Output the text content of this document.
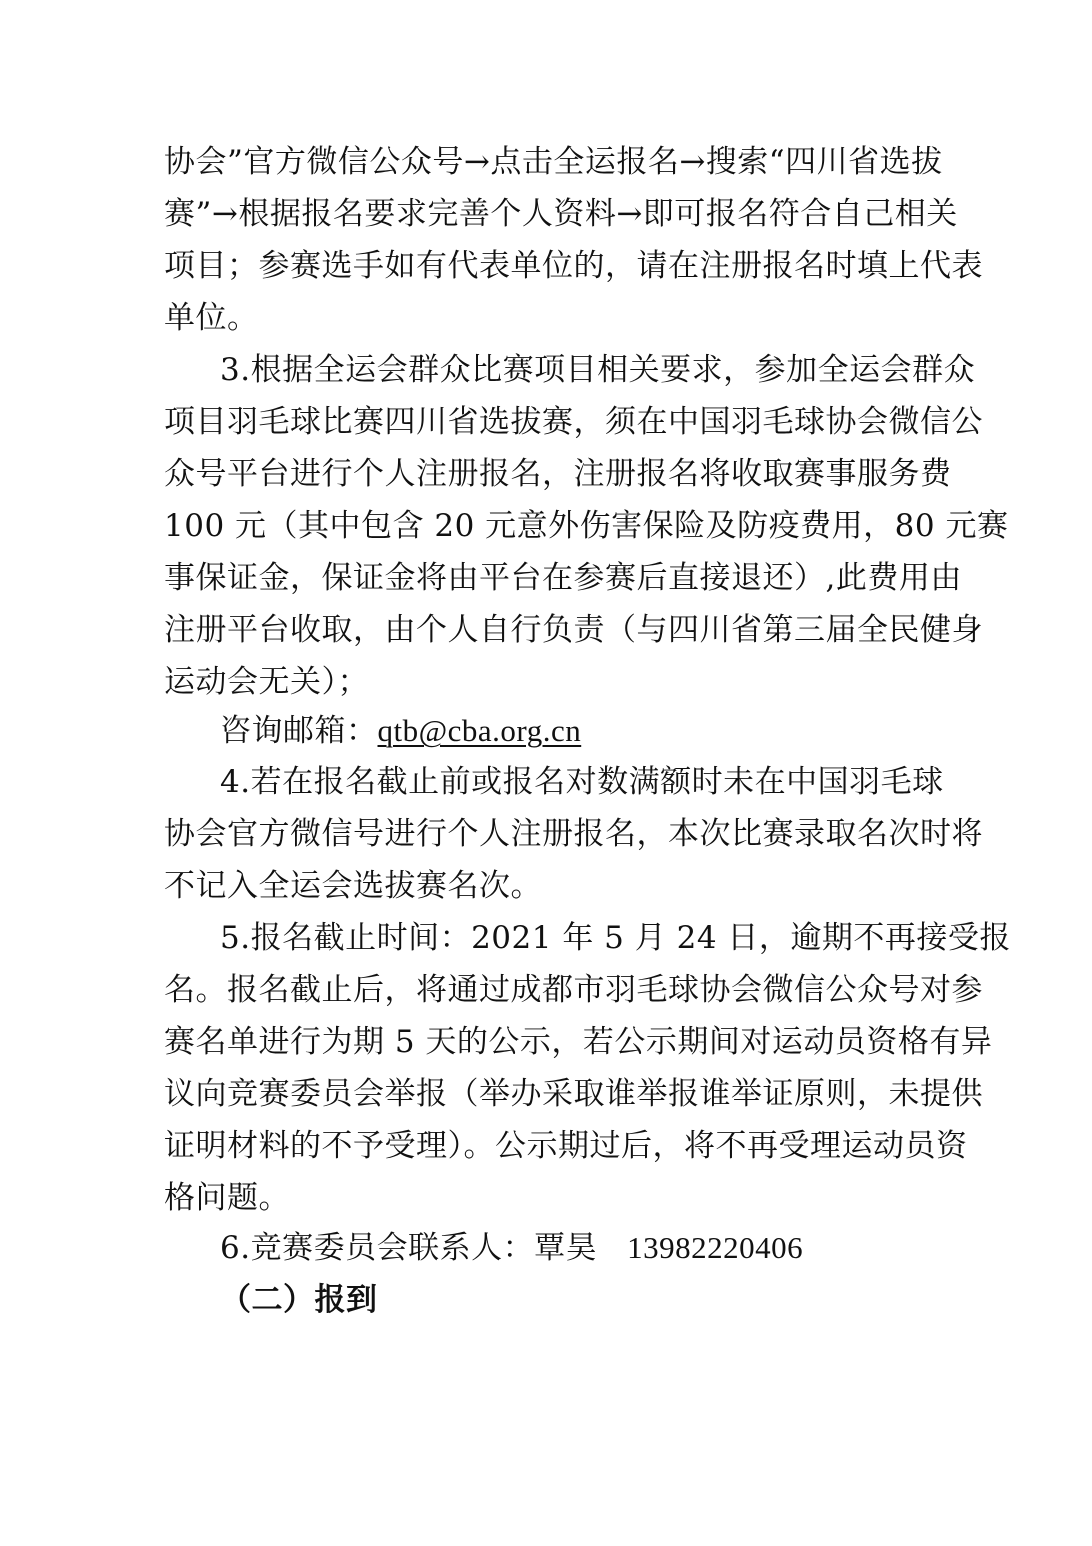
协会”官方微信公众号→点击全运报名→搜索“四川省选拔
赛”→根据报名要求完善个人资料→即可报名符合自己相关
项目；参赛选手如有代表单位的，请在注册报名时填上代表
单位。
3.根据全运会群众比赛项目相关要求，参加全运会群众
项目羽毛球比赛四川省选拔赛，须在中国羽毛球协会微信公
众号平台进行个人注册报名，注册报名将收取赛事服务费
100 元（其中包含 20 元意外伤害保险及防疫费用，80 元赛
事保证金，保证金将由平台在参赛后直接退还）,此费用由
注册平台收取，由个人自行负责（与四川省第三届全民健身
运动会无关）；
咨询邮箱：qtb@cba.org.cn
4.若在报名截止前或报名对数满额时未在中国羽毛球
协会官方微信号进行个人注册报名，本次比赛录取名次时将
不记入全运会选拔赛名次。
5.报名截止时间：2021 年 5 月 24 日，逾期不再接受报
名。报名截止后，将通过成都市羽毛球协会微信公众号对参
赛名单进行为期 5 天的公示，若公示期间对运动员资格有异
议向竞赛委员会举报（举办采取谁举报谁举证原则，未提供
证明材料的不予受理）。公示期过后，将不再受理运动员资
格问题。
6.竞赛委员会联系人：覃昊 13982220406
（二）报到
